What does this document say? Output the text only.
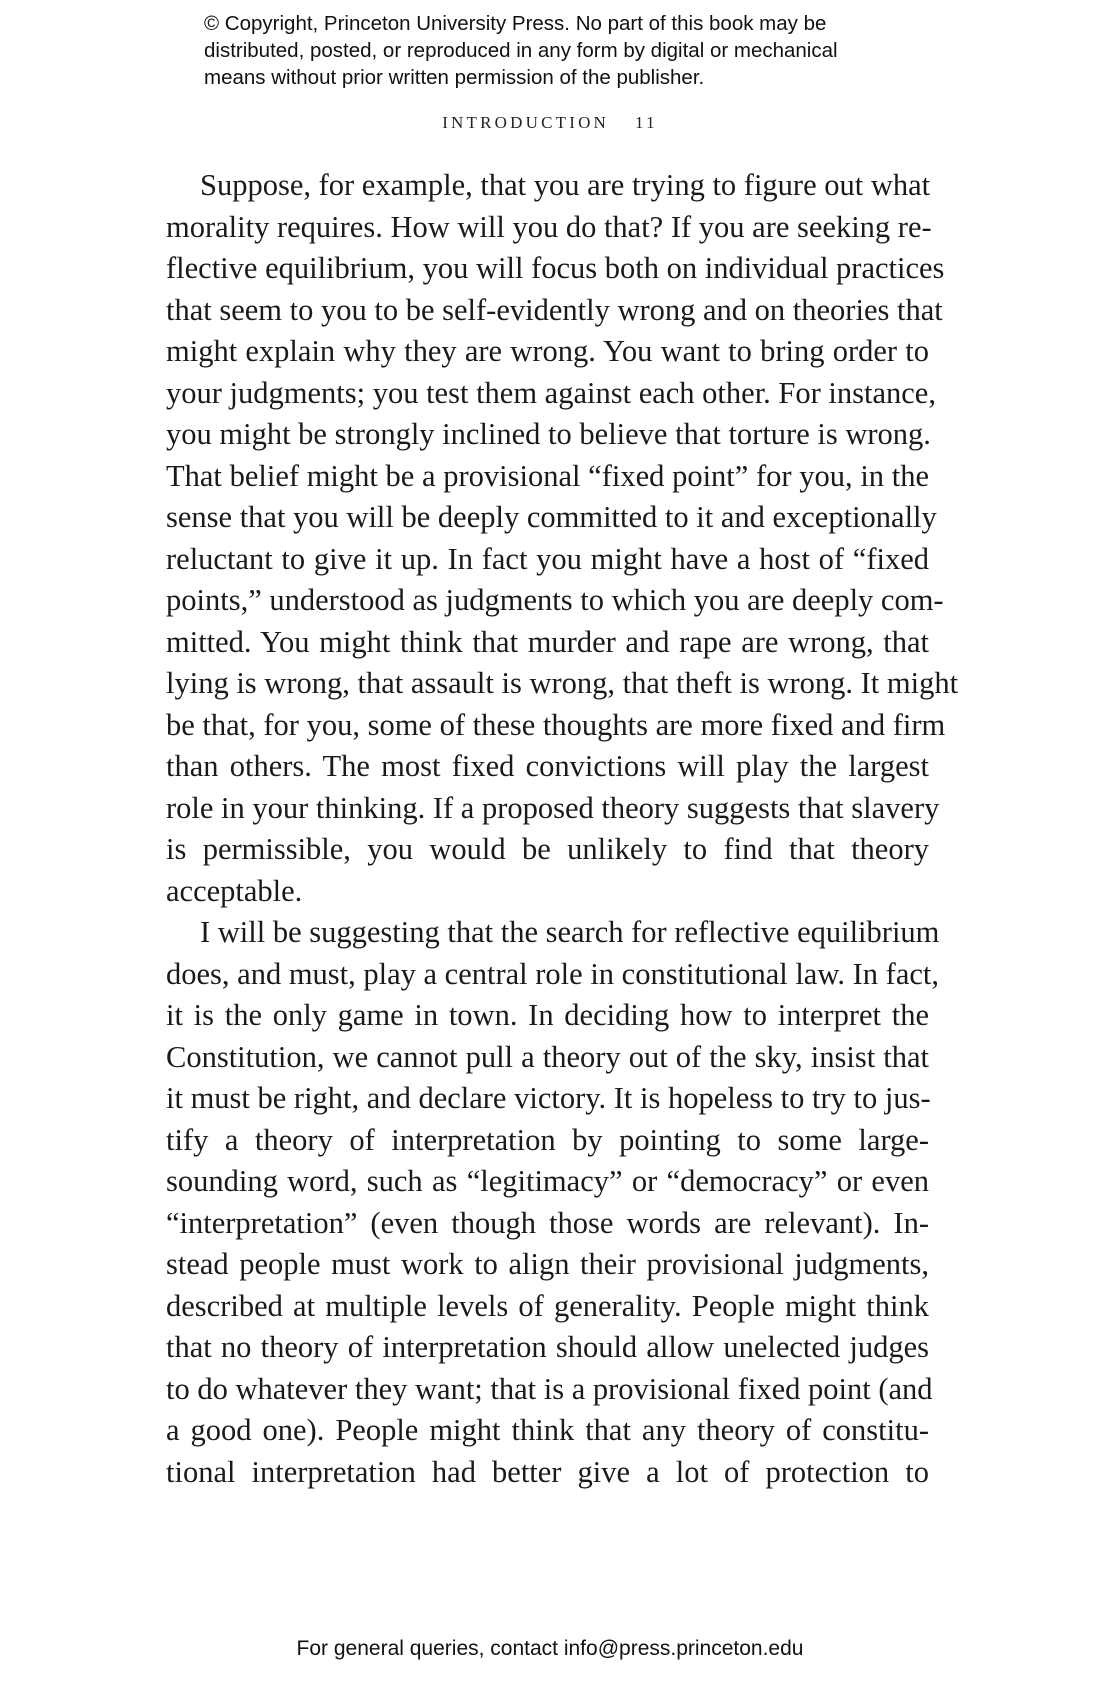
© Copyright, Princeton University Press. No part of this book may be
distributed, posted, or reproduced in any form by digital or mechanical
means without prior written permission of the publisher.
INTRODUCTION 11
Suppose, for example, that you are trying to figure out what
morality requires. How will you do that? If you are seeking re-
flective equilibrium, you will focus both on individual practices
that seem to you to be self-evidently wrong and on theories that
might explain why they are wrong. You want to bring order to
your judgments; you test them against each other. For instance,
you might be strongly inclined to believe that torture is wrong.
That belief might be a provisional “fixed point” for you, in the
sense that you will be deeply committed to it and exceptionally
reluctant to give it up. In fact you might have a host of “fixed
points,” understood as judgments to which you are deeply com-
mitted. You might think that murder and rape are wrong, that
lying is wrong, that assault is wrong, that theft is wrong. It might
be that, for you, some of these thoughts are more fixed and firm
than others. The most fixed convictions will play the largest
role in your thinking. If a proposed theory suggests that slavery
is permissible, you would be unlikely to find that theory
acceptable.
I will be suggesting that the search for reflective equilibrium
does, and must, play a central role in constitutional law. In fact,
it is the only game in town. In deciding how to interpret the
Constitution, we cannot pull a theory out of the sky, insist that
it must be right, and declare victory. It is hopeless to try to jus-
tify a theory of interpretation by pointing to some large-
sounding word, such as “legitimacy” or “democracy” or even
“interpretation” (even though those words are relevant). In-
stead people must work to align their provisional judgments,
described at multiple levels of generality. People might think
that no theory of interpretation should allow unelected judges
to do whatever they want; that is a provisional fixed point (and
a good one). People might think that any theory of constitu-
tional interpretation had better give a lot of protection to
For general queries, contact info@press.princeton.edu
